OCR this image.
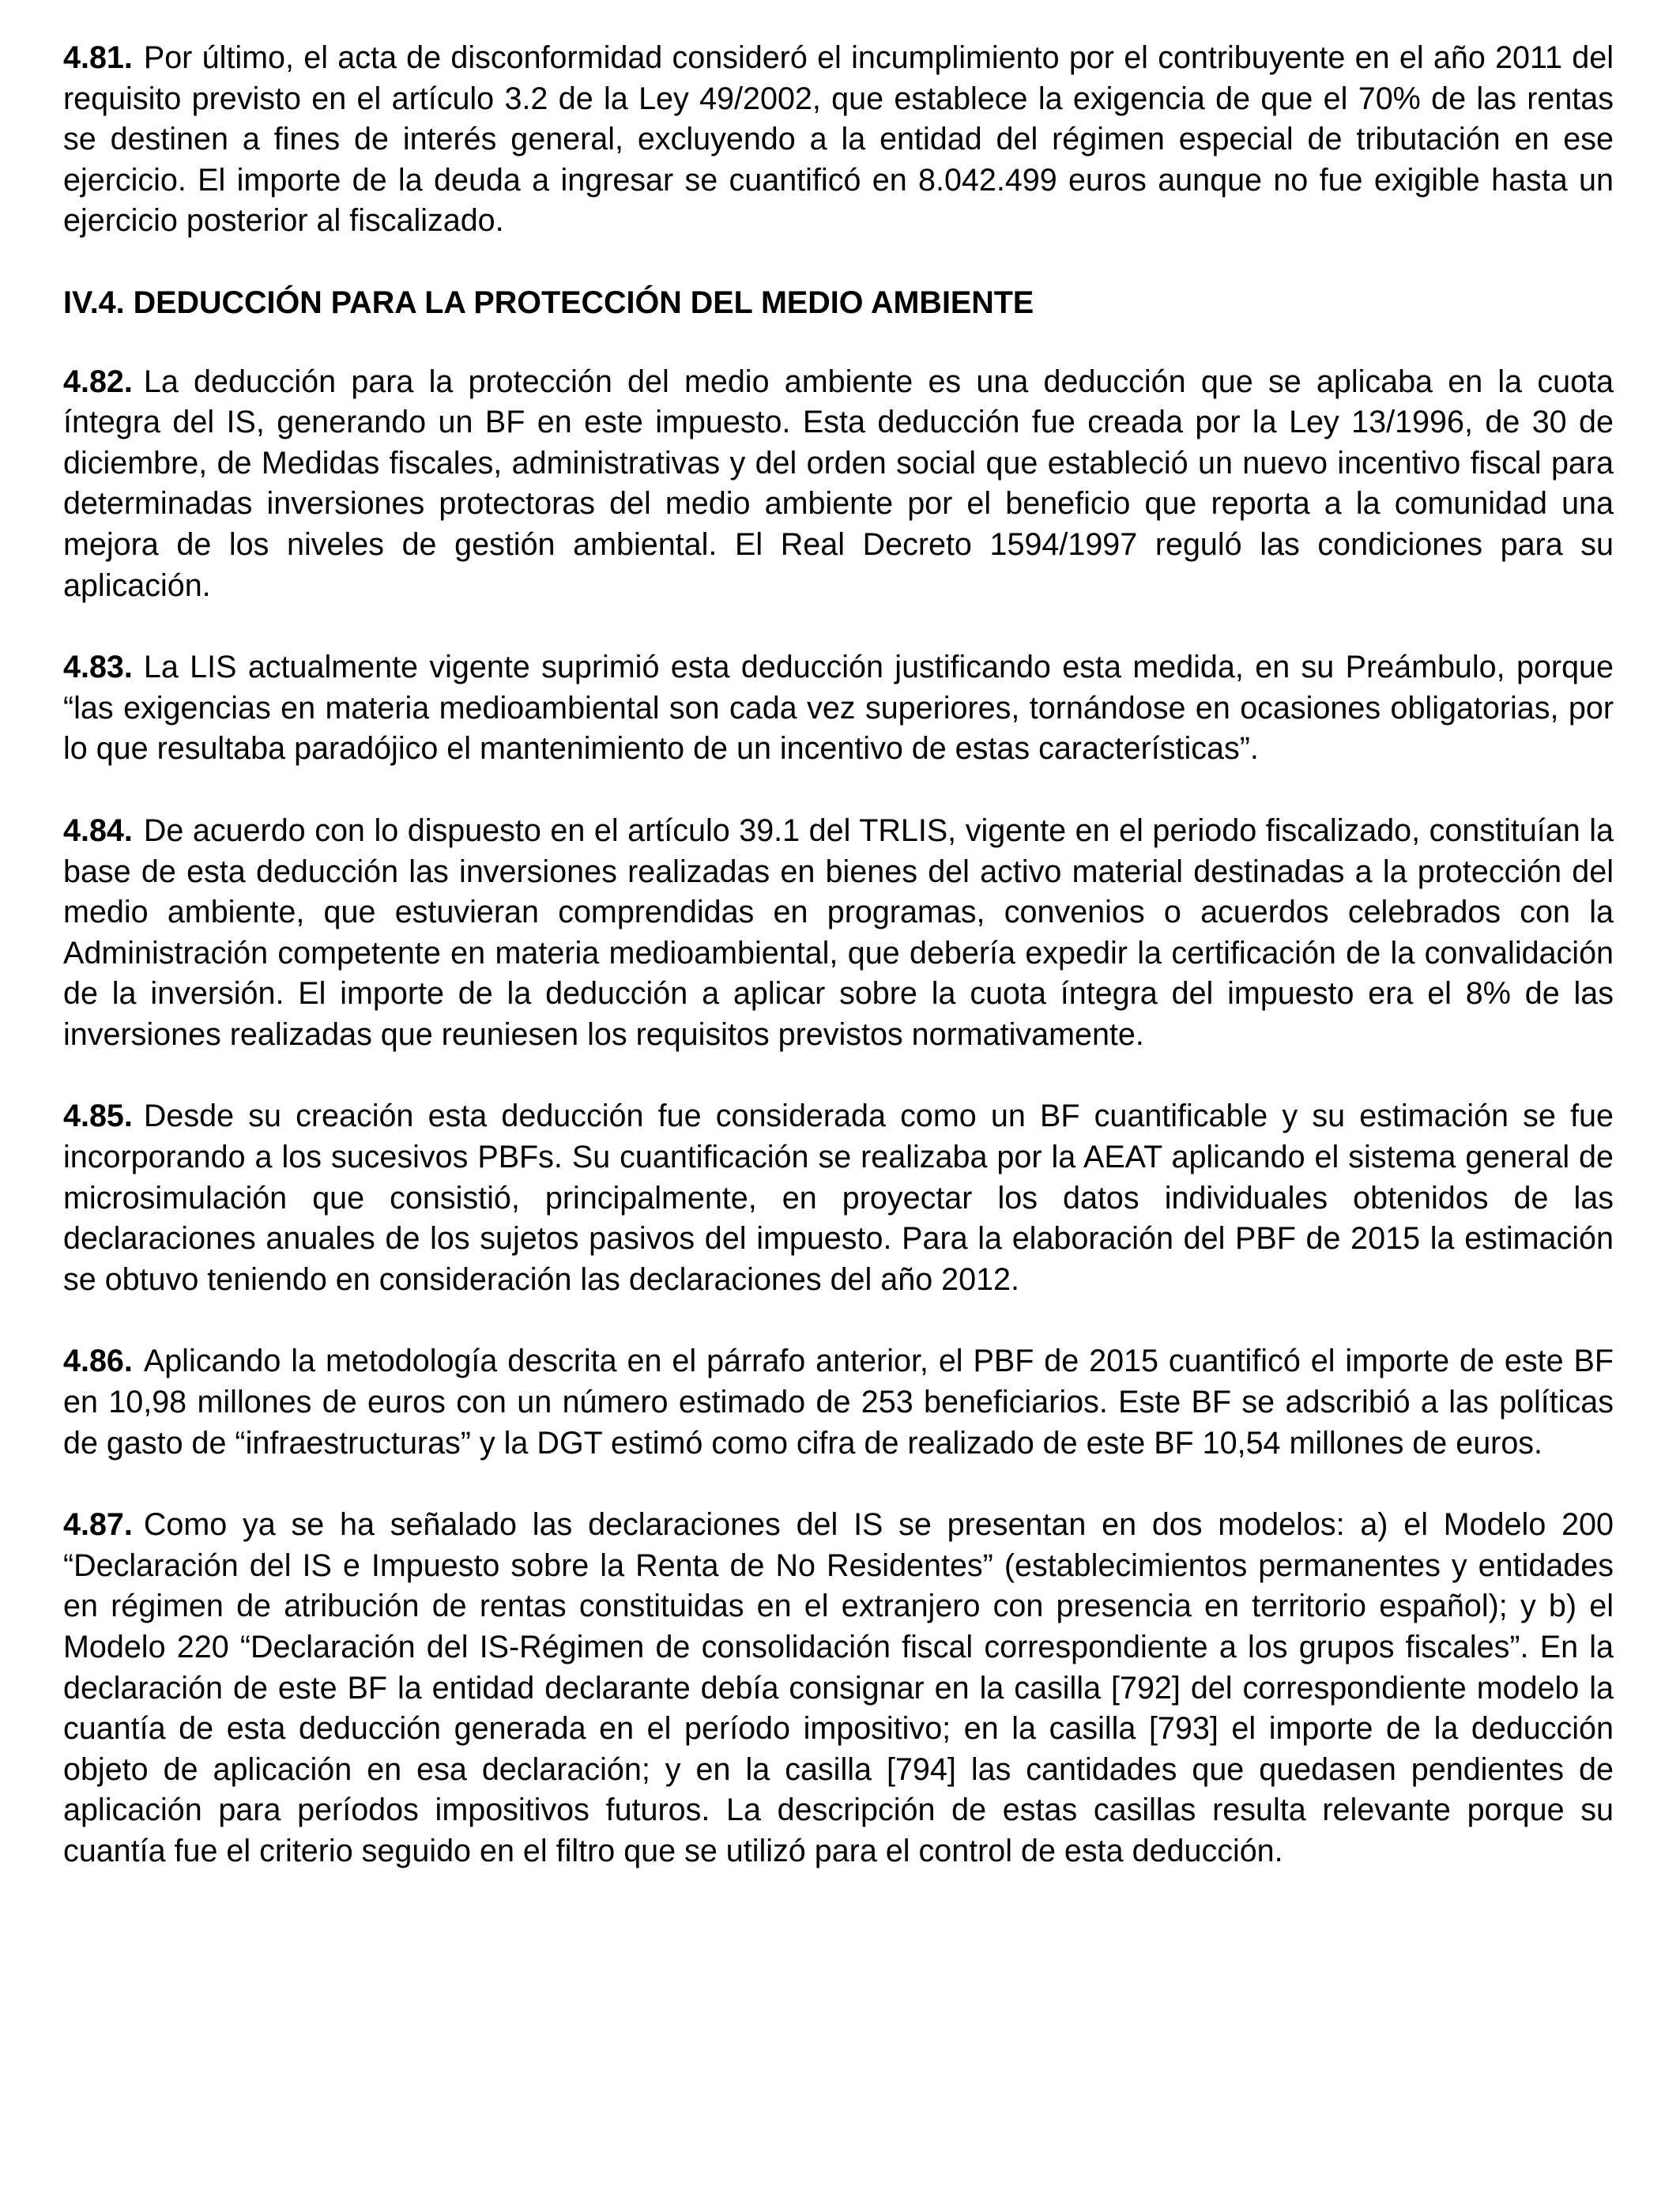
4.81. Por último, el acta de disconformidad consideró el incumplimiento por el contribuyente en el año 2011 del requisito previsto en el artículo 3.2 de la Ley 49/2002, que establece la exigencia de que el 70% de las rentas se destinen a fines de interés general, excluyendo a la entidad del régimen especial de tributación en ese ejercicio. El importe de la deuda a ingresar se cuantificó en 8.042.499 euros aunque no fue exigible hasta un ejercicio posterior al fiscalizado.

IV.4. DEDUCCIÓN PARA LA PROTECCIÓN DEL MEDIO AMBIENTE

4.82. La deducción para la protección del medio ambiente es una deducción que se aplicaba en la cuota íntegra del IS, generando un BF en este impuesto. Esta deducción fue creada por la Ley 13/1996, de 30 de diciembre, de Medidas fiscales, administrativas y del orden social que estableció un nuevo incentivo fiscal para determinadas inversiones protectoras del medio ambiente por el beneficio que reporta a la comunidad una mejora de los niveles de gestión ambiental. El Real Decreto 1594/1997 reguló las condiciones para su aplicación.

4.83. La LIS actualmente vigente suprimió esta deducción justificando esta medida, en su Preámbulo, porque “las exigencias en materia medioambiental son cada vez superiores, tornándose en ocasiones obligatorias, por lo que resultaba paradójico el mantenimiento de un incentivo de estas características”.

4.84. De acuerdo con lo dispuesto en el artículo 39.1 del TRLIS, vigente en el periodo fiscalizado, constituían la base de esta deducción las inversiones realizadas en bienes del activo material destinadas a la protección del medio ambiente, que estuvieran comprendidas en programas, convenios o acuerdos celebrados con la Administración competente en materia medioambiental, que debería expedir la certificación de la convalidación de la inversión. El importe de la deducción a aplicar sobre la cuota íntegra del impuesto era el 8% de las inversiones realizadas que reuniesen los requisitos previstos normativamente.

4.85. Desde su creación esta deducción fue considerada como un BF cuantificable y su estimación se fue incorporando a los sucesivos PBFs. Su cuantificación se realizaba por la AEAT aplicando el sistema general de microsimulación que consistió, principalmente, en proyectar los datos individuales obtenidos de las declaraciones anuales de los sujetos pasivos del impuesto. Para la elaboración del PBF de 2015 la estimación se obtuvo teniendo en consideración las declaraciones del año 2012.

4.86. Aplicando la metodología descrita en el párrafo anterior, el PBF de 2015 cuantificó el importe de este BF en 10,98 millones de euros con un número estimado de 253 beneficiarios. Este BF se adscribió a las políticas de gasto de “infraestructuras” y la DGT estimó como cifra de realizado de este BF 10,54 millones de euros.

4.87. Como ya se ha señalado las declaraciones del IS se presentan en dos modelos: a) el Modelo 200 “Declaración del IS e Impuesto sobre la Renta de No Residentes” (establecimientos permanentes y entidades en régimen de atribución de rentas constituidas en el extranjero con presencia en territorio español); y b) el Modelo 220 “Declaración del IS-Régimen de consolidación fiscal correspondiente a los grupos fiscales”. En la declaración de este BF la entidad declarante debía consignar en la casilla [792] del correspondiente modelo la cuantía de esta deducción generada en el período impositivo; en la casilla [793] el importe de la deducción objeto de aplicación en esa declaración; y en la casilla [794] las cantidades que quedasen pendientes de aplicación para períodos impositivos futuros. La descripción de estas casillas resulta relevante porque su cuantía fue el criterio seguido en el filtro que se utilizó para el control de esta deducción.
